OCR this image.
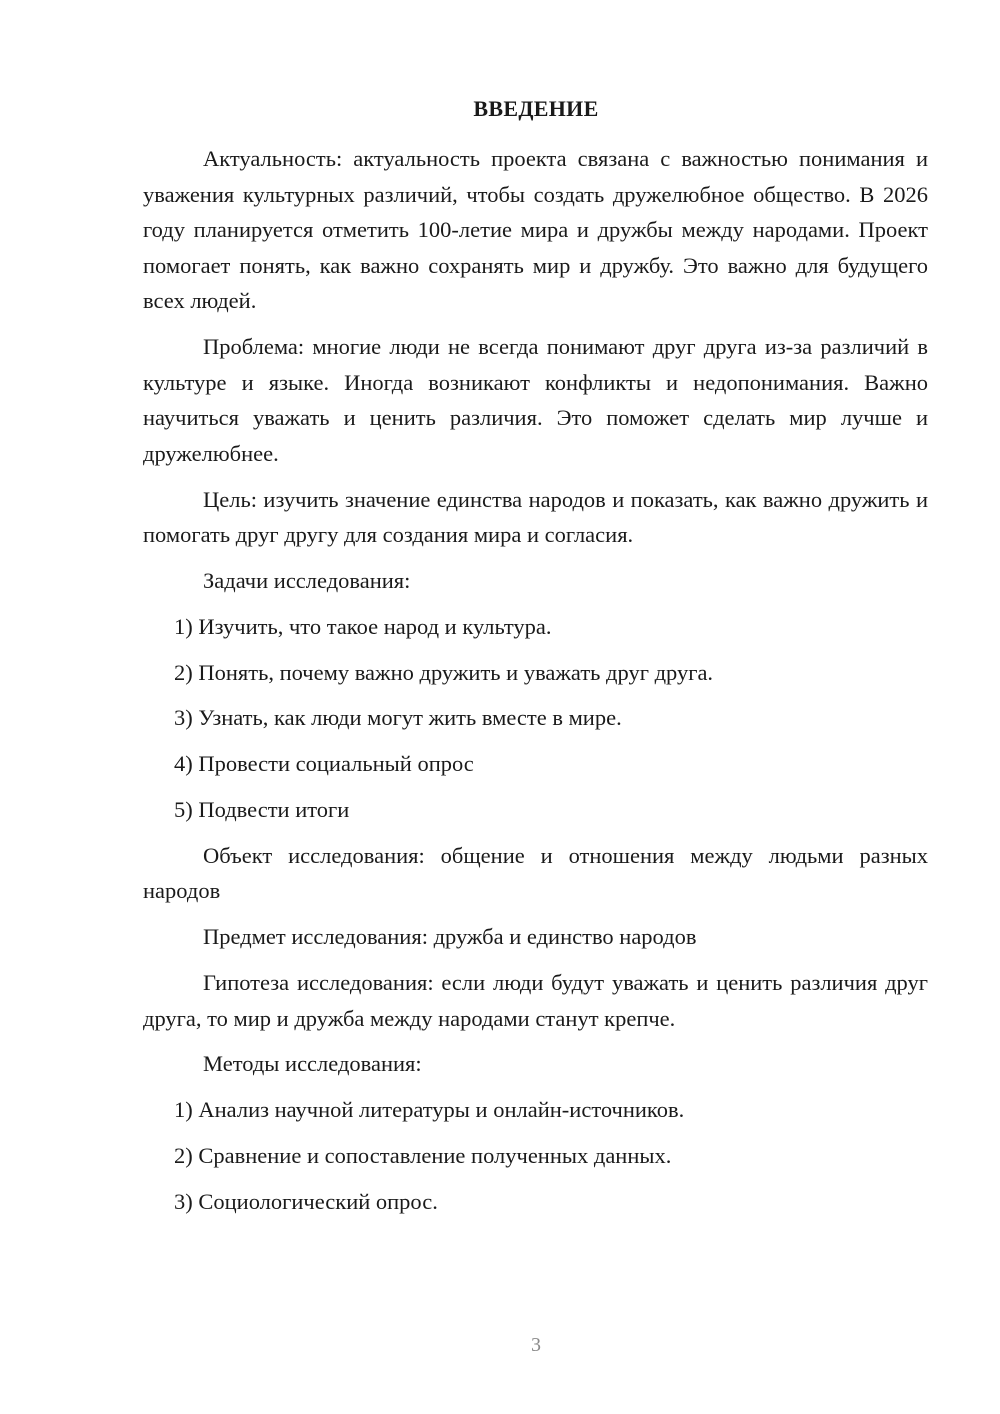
ВВЕДЕНИЕ

Актуальность: актуальность проекта связана с важностью понимания и уважения культурных различий, чтобы создать дружелюбное общество. В 2026 году планируется отметить 100-летие мира и дружбы между народами. Проект помогает понять, как важно сохранять мир и дружбу. Это важно для будущего всех людей.

Проблема: многие люди не всегда понимают друг друга из-за различий в культуре и языке. Иногда возникают конфликты и недопонимания. Важно научиться уважать и ценить различия. Это поможет сделать мир лучше и дружелюбнее.

Цель: изучить значение единства народов и показать, как важно дружить и помогать друг другу для создания мира и согласия.

Задачи исследования:

1) Изучить, что такое народ и культура.
2) Понять, почему важно дружить и уважать друг друга.
3) Узнать, как люди могут жить вместе в мире.
4) Провести социальный опрос
5) Подвести итоги

Объект исследования: общение и отношения между людьми разных народов

Предмет исследования: дружба и единство народов

Гипотеза исследования: если люди будут уважать и ценить различия друг друга, то мир и дружба между народами станут крепче.

Методы исследования:

1) Анализ научной литературы и онлайн-источников.
2) Сравнение и сопоставление полученных данных.
3) Социологический опрос.
3
